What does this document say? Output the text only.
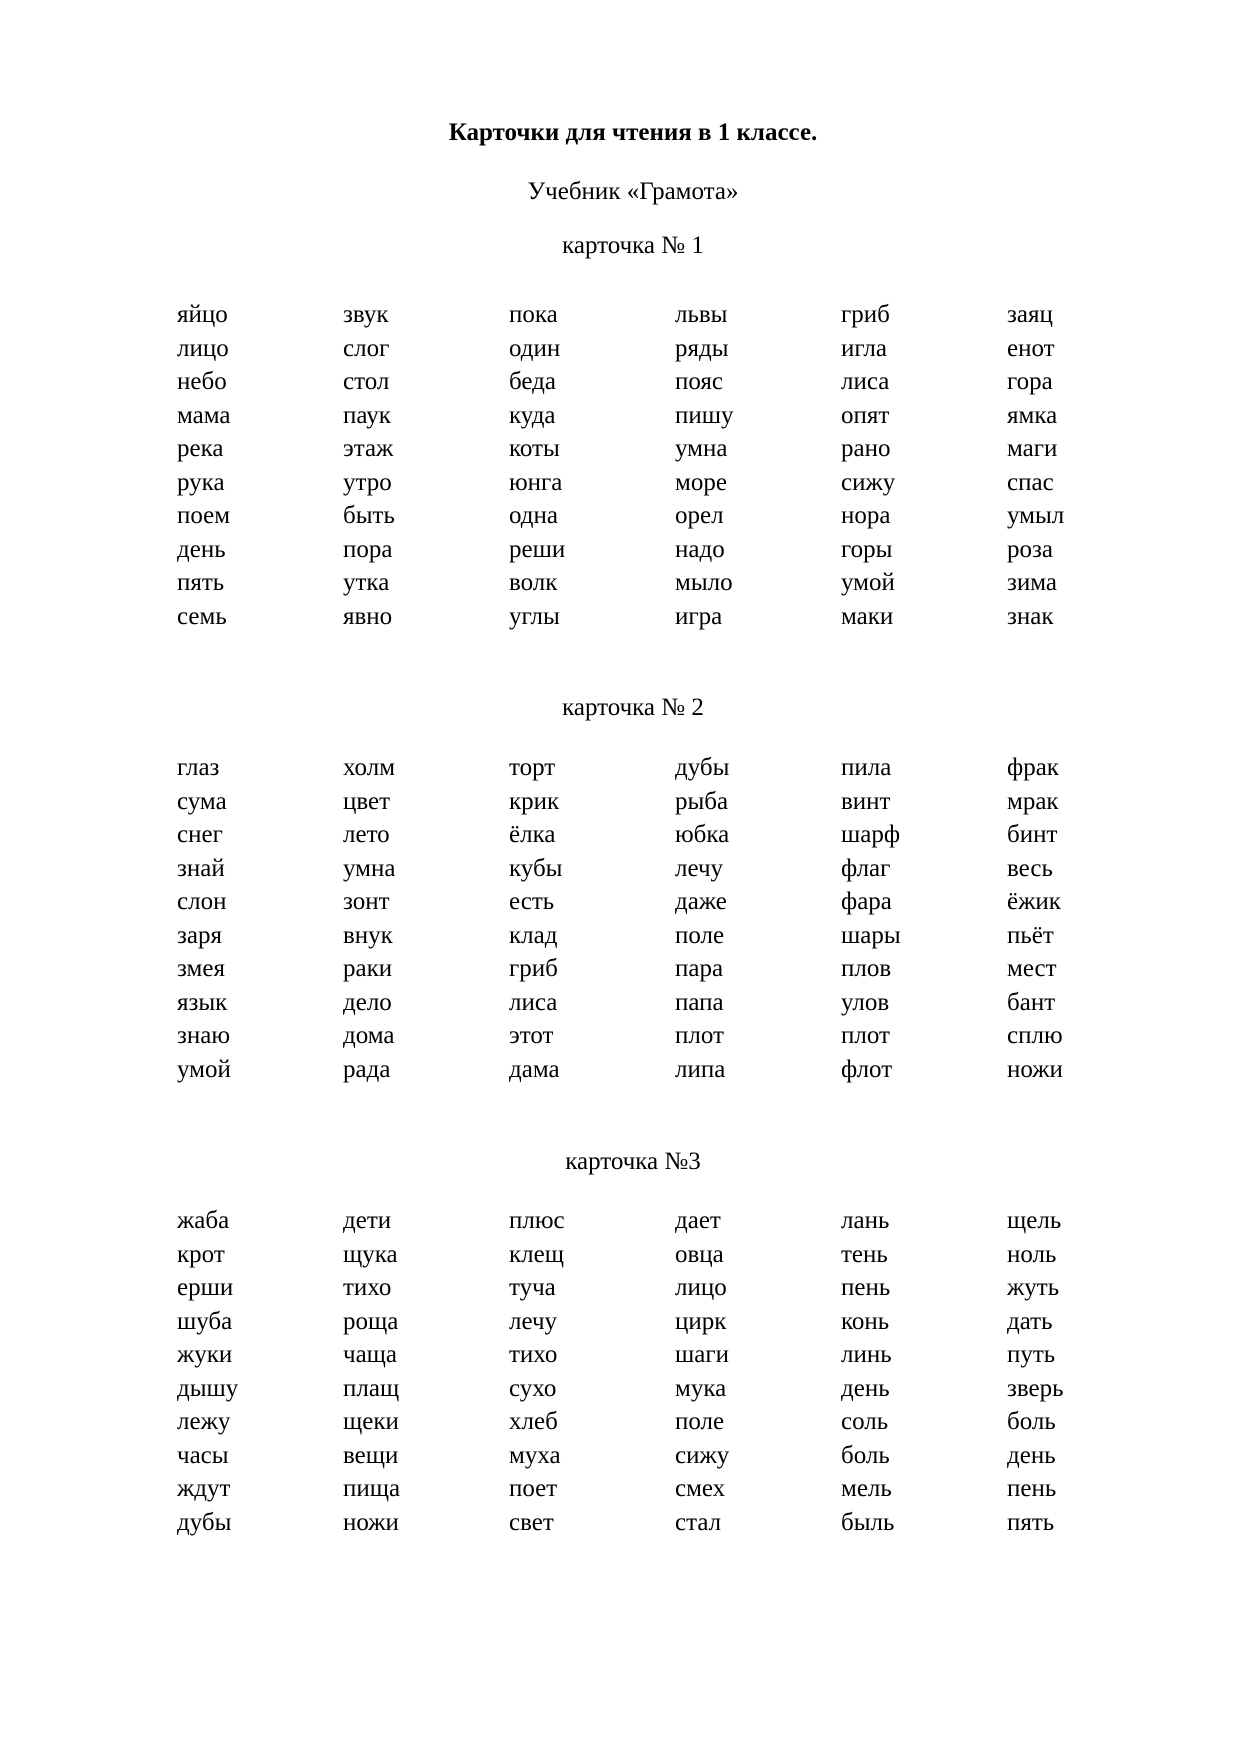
Карточки для чтения в 1 классе.
Учебник «Грамота»
карточка № 1
яйцо	звук	пока	львы	гриб	заяц
лицо	слог	один	ряды	игла	енот
небо	стол	беда	пояс	лиса	гора
мама	паук	куда	пишу	опят	ямка
река	этаж	коты	умна	рано	маги
рука	утро	юнга	море	сижу	спас
поем	быть	одна	орел	нора	умыл
день	пора	реши	надо	горы	роза
пять	утка	волк	мыло	умой	зима
семь	явно	углы	игра	маки	знак
карточка № 2
глаз	холм	торт	дубы	пила	фрак
сума	цвет	крик	рыба	винт	мрак
снег	лето	ёлка	юбка	шарф	бинт
знай	умна	кубы	лечу	флаг	весь
слон	зонт	есть	даже	фара	ёжик
заря	внук	клад	поле	шары	пьёт
змея	раки	гриб	пара	плов	мест
язык	дело	лиса	папа	улов	бант
знаю	дома	этот	плот	плот	сплю
умой	рада	дама	липа	флот	ножи
карточка №3
жаба	дети	плюс	дает	лань	щель
крот	щука	клещ	овца	тень	ноль
ерши	тихо	туча	лицо	пень	жуть
шуба	роща	лечу	цирк	конь	дать
жуки	чаща	тихо	шаги	линь	путь
дышу	плащ	сухо	мука	день	зверь
лежу	щеки	хлеб	поле	соль	боль
часы	вещи	муха	сижу	боль	день
ждут	пища	поет	смех	мель	пень
дубы	ножи	свет	стал	быль	пять
